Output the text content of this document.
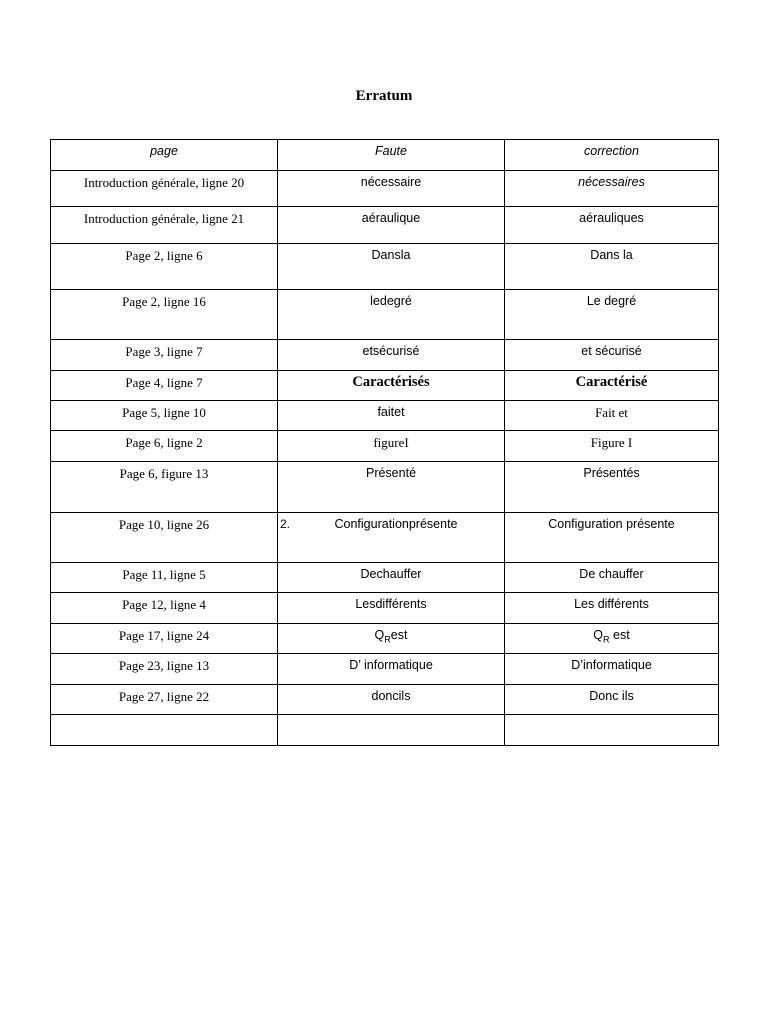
Erratum
page	Faute	correction
Introduction générale, ligne 20	nécessaire	nécessaires
Introduction générale, ligne 21	aéraulique	aérauliques
Page 2, ligne 6	Dansla	Dans la
Page 2, ligne 16	ledegré	Le degré
Page 3, ligne 7	etsécurisé	et sécurisé
Page 4, ligne 7	Caractérisés	Caractérisé
Page 5, ligne 10	faitet	Fait et
Page 6, ligne 2	figureI	Figure I
Page 6, figure 13	Présenté	Présentés
Page 10, ligne 26	2. Configurationprésente	Configuration présente
Page 11, ligne 5	Dechauffer	De chauffer
Page 12, ligne 4	Lesdifférents	Les différents
Page 17, ligne 24	$Q_Rest$	$Q_R$ est
Page 23, ligne 13	D’ informatique	D’informatique
Page 27, ligne 22	doncils	Donc ils
